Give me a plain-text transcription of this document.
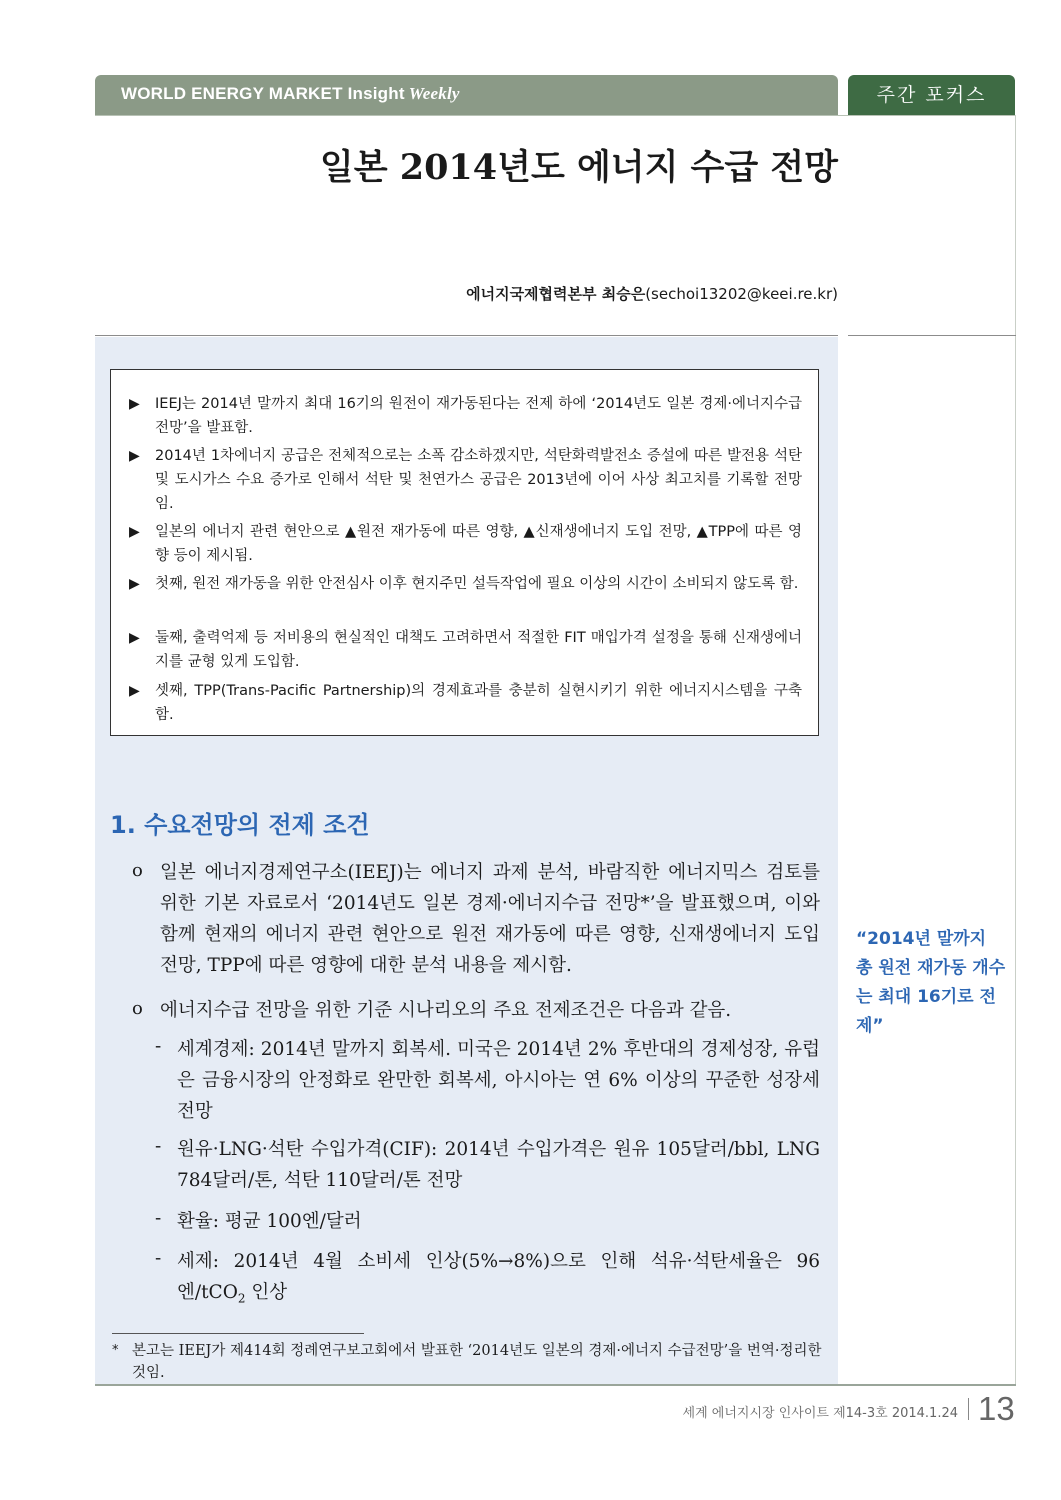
WORLD ENERGY MARKET Insight Weekly	주간 포커스
일본 2014년도 에너지 수급 전망
에너지국제협력본부 최승은(sechoi13202@keei.re.kr)
▶ IEEJ는 2014년 말까지 최대 16기의 원전이 재가동된다는 전제 하에 ‘2014년도 일본 경제·에너지수급 전망’을 발표함.
▶ 2014년 1차에너지 공급은 전체적으로는 소폭 감소하겠지만, 석탄화력발전소 증설에 따른 발전용 석탄 및 도시가스 수요 증가로 인해서 석탄 및 천연가스 공급은 2013년에 이어 사상 최고치를 기록할 전망임.
▶ 일본의 에너지 관련 현안으로 ▲원전 재가동에 따른 영향, ▲신재생에너지 도입 전망, ▲TPP에 따른 영향 등이 제시됨.
▶ 첫째, 원전 재가동을 위한 안전심사 이후 현지주민 설득작업에 필요 이상의 시간이 소비되지 않도록 함.
▶ 둘째, 출력억제 등 저비용의 현실적인 대책도 고려하면서 적절한 FIT 매입가격 설정을 통해 신재생에너지를 균형 있게 도입함.
▶ 셋째, TPP(Trans-Pacific Partnership)의 경제효과를 충분히 실현시키기 위한 에너지시스템을 구축함.
1. 수요전망의 전제 조건
o 일본 에너지경제연구소(IEEJ)는 에너지 과제 분석, 바람직한 에너지믹스 검토를 위한 기본 자료로서 ‘2014년도 일본 경제·에너지수급 전망*’을 발표했으며, 이와 함께 현재의 에너지 관련 현안으로 원전 재가동에 따른 영향, 신재생에너지 도입 전망, TPP에 따른 영향에 대한 분석 내용을 제시함.
o 에너지수급 전망을 위한 기준 시나리오의 주요 전제조건은 다음과 같음.
- 세계경제: 2014년 말까지 회복세. 미국은 2014년 2% 후반대의 경제성장, 유럽은 금융시장의 안정화로 완만한 회복세, 아시아는 연 6% 이상의 꾸준한 성장세 전망
- 원유·LNG·석탄 수입가격(CIF): 2014년 수입가격은 원유 105달러/bbl, LNG 784달러/톤, 석탄 110달러/톤 전망
- 환율: 평균 100엔/달러
- 세제: 2014년 4월 소비세 인상(5%→8%)으로 인해 석유·석탄세율은 96엔/tCO$_2$ 인상
“2014년 말까지 총 원전 재가동 개수는 최대 16기로 전제”
* 본고는 IEEJ가 제414회 정례연구보고회에서 발표한 ‘2014년도 일본의 경제·에너지 수급전망’을 번역·정리한 것임.
세계 에너지시장 인사이트 제14-3호 2014.1.24 13
